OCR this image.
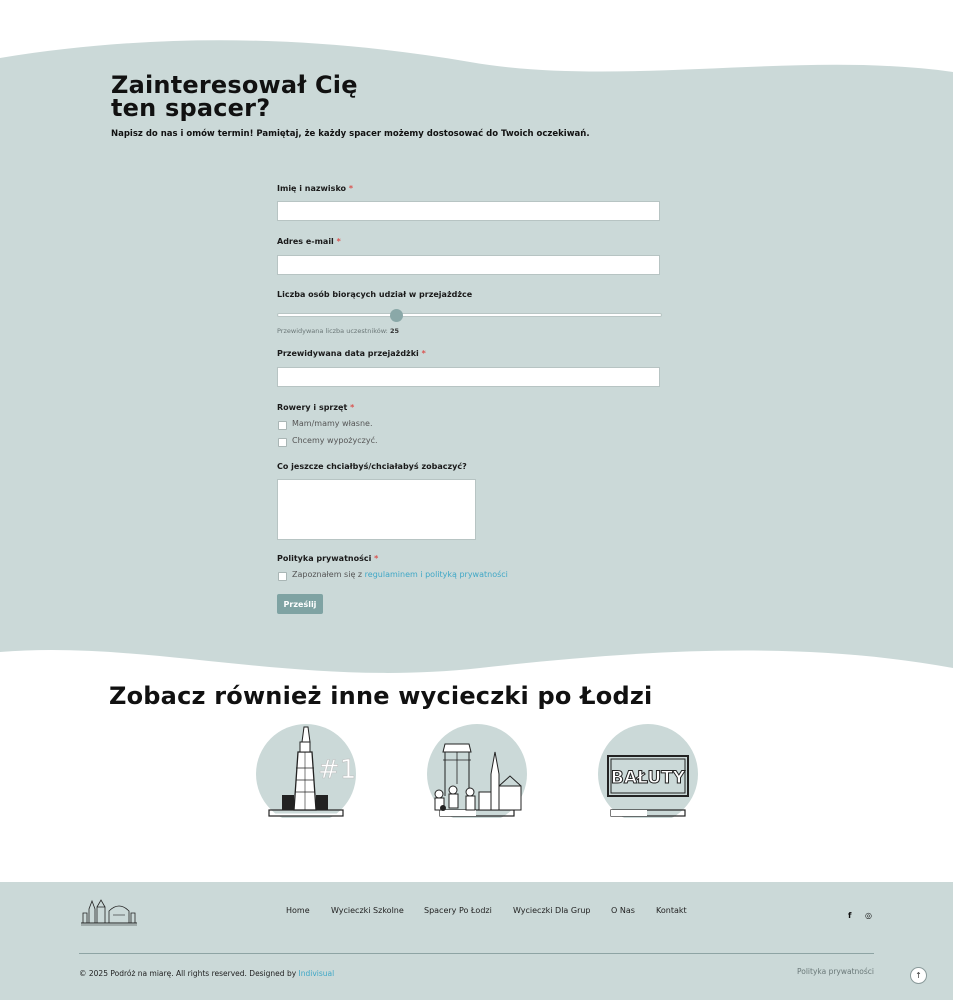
Zainteresował Cię
ten spacer?
Napisz do nas i omów termin! Pamiętaj, że każdy spacer możemy dostosować do Twoich oczekiwań.
Imię i nazwisko *
Adres e-mail *
Liczba osób biorących udział w przejażdżce
Przewidywana liczba uczestników: 25
Przewidywana data przejażdżki *
Rowery i sprzęt *
Mam/mamy własne.
Chcemy wypożyczyć.
Co jeszcze chciałbyś/chciałabyś zobaczyć?
Polityka prywatności *
Zapoznałem się z regulaminem i polityką prywatności
Prześlij
Zobacz również inne wycieczki po Łodzi
#1	BAŁUTY
Home	Wycieczki Szkolne	Spacery Po Łodzi	Wycieczki Dla Grup	O Nas	Kontakt
f ◎
© 2025 Podróż na miarę. All rights reserved. Designed by Indivisual	Polityka prywatności	↑
